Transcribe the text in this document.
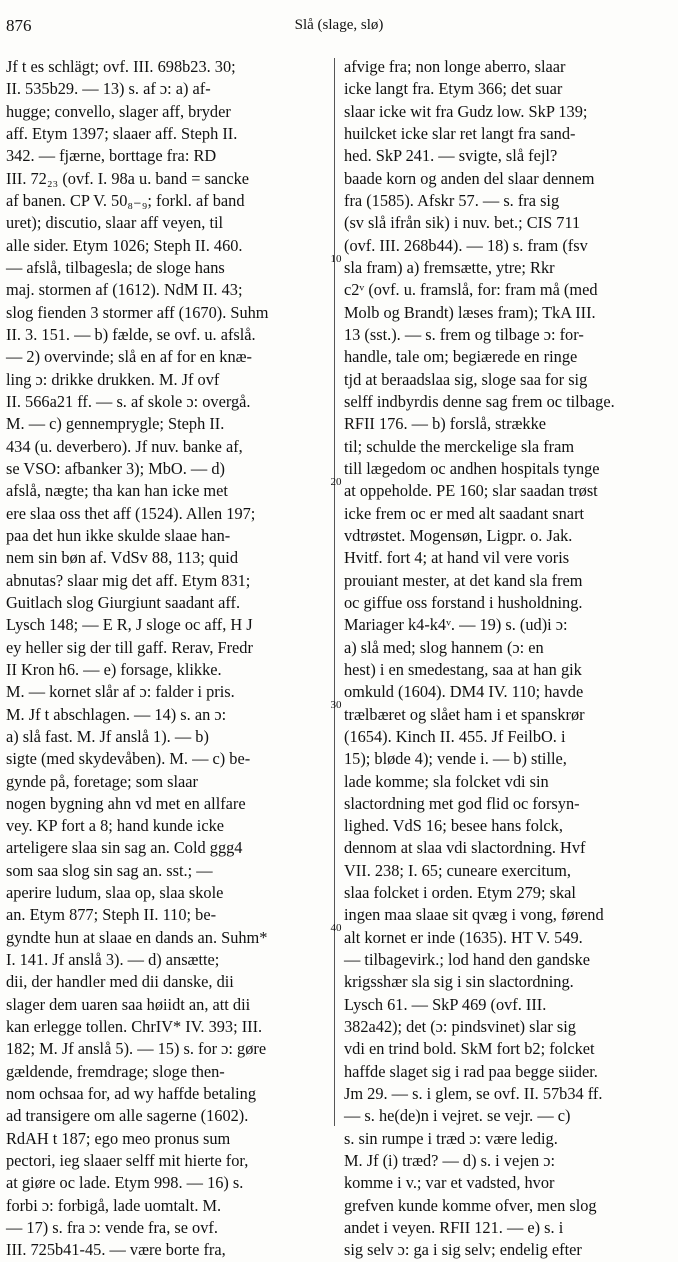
876	Slå (slage, slø)
Jf t es schlägt; ovf. III. 698b23. 30;
II. 535b29. — 13) s. af ɔ: a) af-
hugge; convello, slager aff, bryder
aff. Etym 1397; slaaer aff. Steph II.
342. — fjærne, borttage fra: RD
III. 72₂₃ (ovf. I. 98a u. band = sancke
af banen. CP V. 50₈₋₉; forkl. af band
uret); discutio, slaar aff veyen, til
alle sider. Etym 1026; Steph II. 460.
— afslå, tilbagesla; de sloge hans
maj. stormen af (1612). NdM II. 43;
slog fienden 3 stormer aff (1670). Suhm
II. 3. 151. — b) fælde, se ovf. u. afslå.
— 2) overvinde; slå en af for en knæ-
ling ɔ: drikke drukken. M. Jf ovf
II. 566a21 ff. — s. af skole ɔ: overgå.
M. — c) gennemprygle; Steph II.
434 (u. deverbero). Jf nuv. banke af,
se VSO: afbanker 3); MbO. — d)
afslå, nægte; tha kan han icke met
ere slaa oss thet aff (1524). Allen 197;
paa det hun ikke skulde slaae han-
nem sin bøn af. VdSv 88, 113; quid
abnutas? slaar mig det aff. Etym 831;
Guitlach slog Giurgiunt saadant aff.
Lysch 148; — E R, J sloge oc aff, H J
ey heller sig der till gaff. Rerav, Fredr
II Kron h6. — e) forsage, klikke.
M. — kornet slår af ɔ: falder i pris.
M. Jf t abschlagen. — 14) s. an ɔ:
a) slå fast. M. Jf anslå 1). — b)
sigte (med skydevåben). M. — c) be-
gynde på, foretage; som slaar
nogen bygning ahn vd met en allfare
vey. KP fort a 8; hand kunde icke
arteligere slaa sin sag an. Cold ggg4
som saa slog sin sag an. sst.; —
aperire ludum, slaa op, slaa skole
an. Etym 877; Steph II. 110; be-
gyndte hun at slaae en dands an. Suhm*
I. 141. Jf anslå 3). — d) ansætte;
dii, der handler med dii danske, dii
slager dem uaren saa høiidt an, att dii
kan erlegge tollen. ChrIV* IV. 393; III.
182; M. Jf anslå 5). — 15) s. for ɔ: gøre
gældende, fremdrage; sloge then-
nom ochsaa for, ad wy haffde betaling
ad transigere om alle sagerne (1602).
RdAH t 187; ego meo pronus sum
pectori, ieg slaaer selff mit hierte for,
at giøre oc lade. Etym 998. — 16) s.
forbi ɔ: forbigå, lade uomtalt. M.
— 17) s. fra ɔ: vende fra, se ovf.
III. 725b41-45. — være borte fra,
afvige fra; non longe aberro, slaar
icke langt fra. Etym 366; det suar
slaar icke wit fra Gudz low. SkP 139;
huilcket icke slar ret langt fra sand-
hed. SkP 241. — svigte, slå fejl?
baade korn og anden del slaar dennem
fra (1585). Afskr 57. — s. fra sig
(sv slå ifrån sik) i nuv. bet.; CIS 711
(ovf. III. 268b44). — 18) s. fram (fsv
sla fram) a) fremsætte, ytre; Rkr
c2ᵛ (ovf. u. framslå, for: fram må (med
Molb og Brandt) læses fram); TkA III.
13 (sst.). — s. frem og tilbage ɔ: for-
handle, tale om; begiærede en ringe
tjd at beraadslaa sig, sloge saa for sig
selff indbyrdis denne sag frem oc tilbage.
RFII 176. — b) forslå, strække
til; schulde the merckelige sla fram
till lægedom oc andhen hospitals tynge
at oppeholde. PE 160; slar saadan trøst
icke frem oc er med alt saadant snart
vdtrøstet. Mogensøn, Ligpr. o. Jak.
Hvitf. fort 4; at hand vil vere voris
prouiant mester, at det kand sla frem
oc giffue oss forstand i husholdning.
Mariager k4-k4ᵛ. — 19) s. (ud)i ɔ:
a) slå med; slog hannem (ɔ: en
hest) i en smedestang, saa at han gik
omkuld (1604). DM4 IV. 110; havde
trælbæret og slået ham i et spanskrør
(1654). Kinch II. 455. Jf FeilbO. i
15); bløde 4); vende i. — b) stille,
lade komme; sla folcket vdi sin
slactordning met god flid oc forsyn-
lighed. VdS 16; besee hans folck,
dennom at slaa vdi slactordning. Hvf
VII. 238; I. 65; cuneare exercitum,
slaa folcket i orden. Etym 279; skal
ingen maa slaae sit qvæg i vong, førend
alt kornet er inde (1635). HT V. 549.
— tilbagevirk.; lod hand den gandske
krigsshær sla sig i sin slactordning.
Lysch 61. — SkP 469 (ovf. III.
382a42); det (ɔ: pindsvinet) slar sig
vdi en trind bold. SkM fort b2; folcket
haffde slaget sig i rad paa begge siider.
Jm 29. — s. i glem, se ovf. II. 57b34 ff.
— s. he(de)n i vejret. se vejr. — c)
s. sin rumpe i træd ɔ: være ledig.
M. Jf (i) træd? — d) s. i vejen ɔ:
komme i v.; var et vadsted, hvor
grefven kunde komme ofver, men slog
andet i veyen. RFII 121. — e) s. i
sig selv ɔ: ga i sig selv; endelig efter
10
20
30
40
